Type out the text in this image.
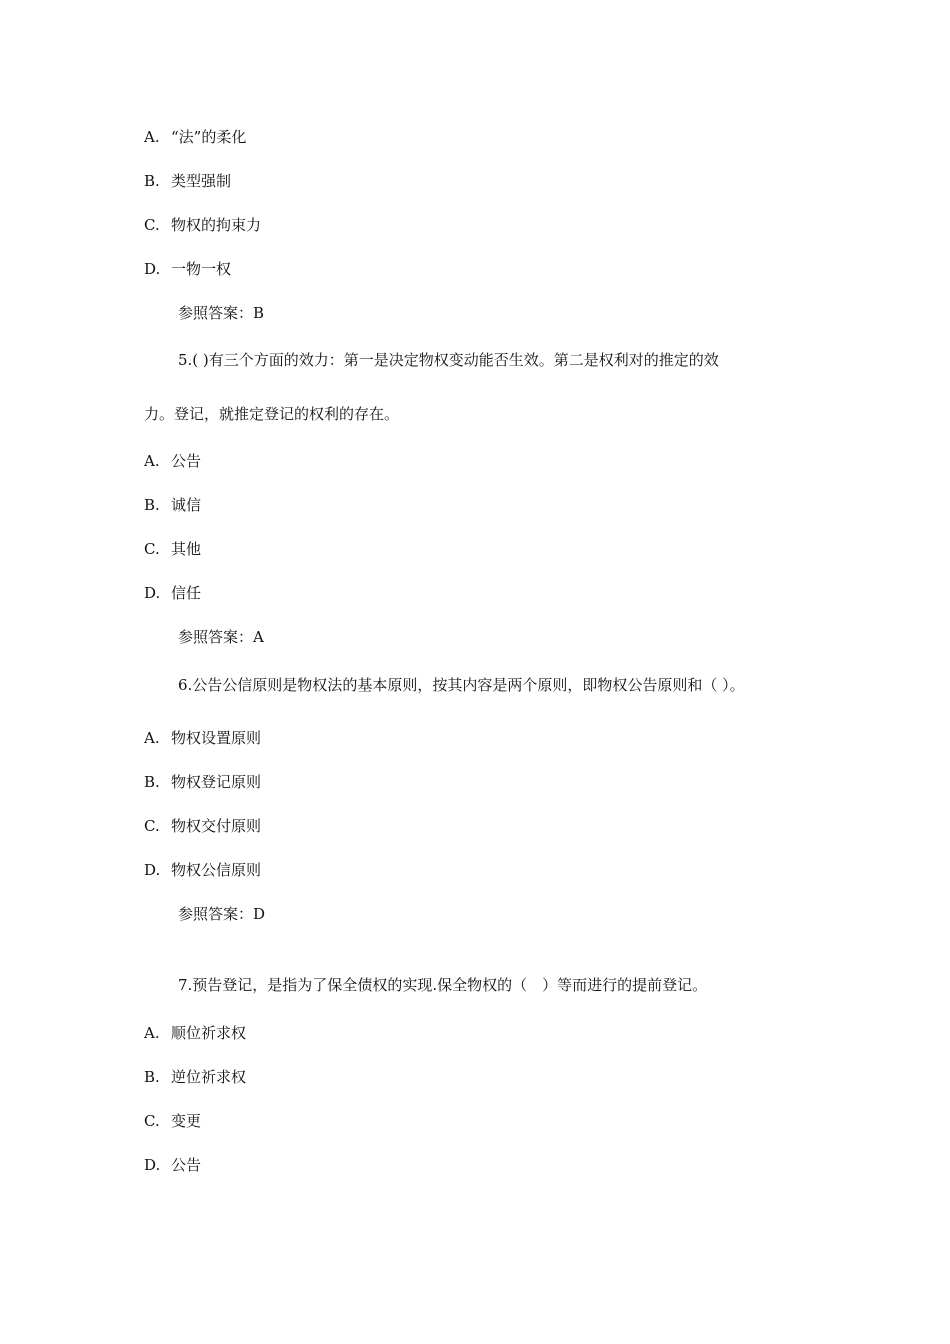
A. “法”的柔化
B. 类型强制
C. 物权的拘束力
D. 一物一权
参照答案：B
5.( )有三个方面的效力：第一是决定物权变动能否生效。第二是权利对的推定的效
力。登记，就推定登记的权利的存在。
A. 公告
B. 诚信
C. 其他
D. 信任
参照答案：A
6.公告公信原则是物权法的基本原则，按其内容是两个原则，即物权公告原则和（ ）。
A. 物权设置原则
B. 物权登记原则
C. 物权交付原则
D. 物权公信原则
参照答案：D
7.预告登记，是指为了保全债权的实现.保全物权的（　）等而进行的提前登记。
A. 顺位祈求权
B. 逆位祈求权
C. 变更
D. 公告
